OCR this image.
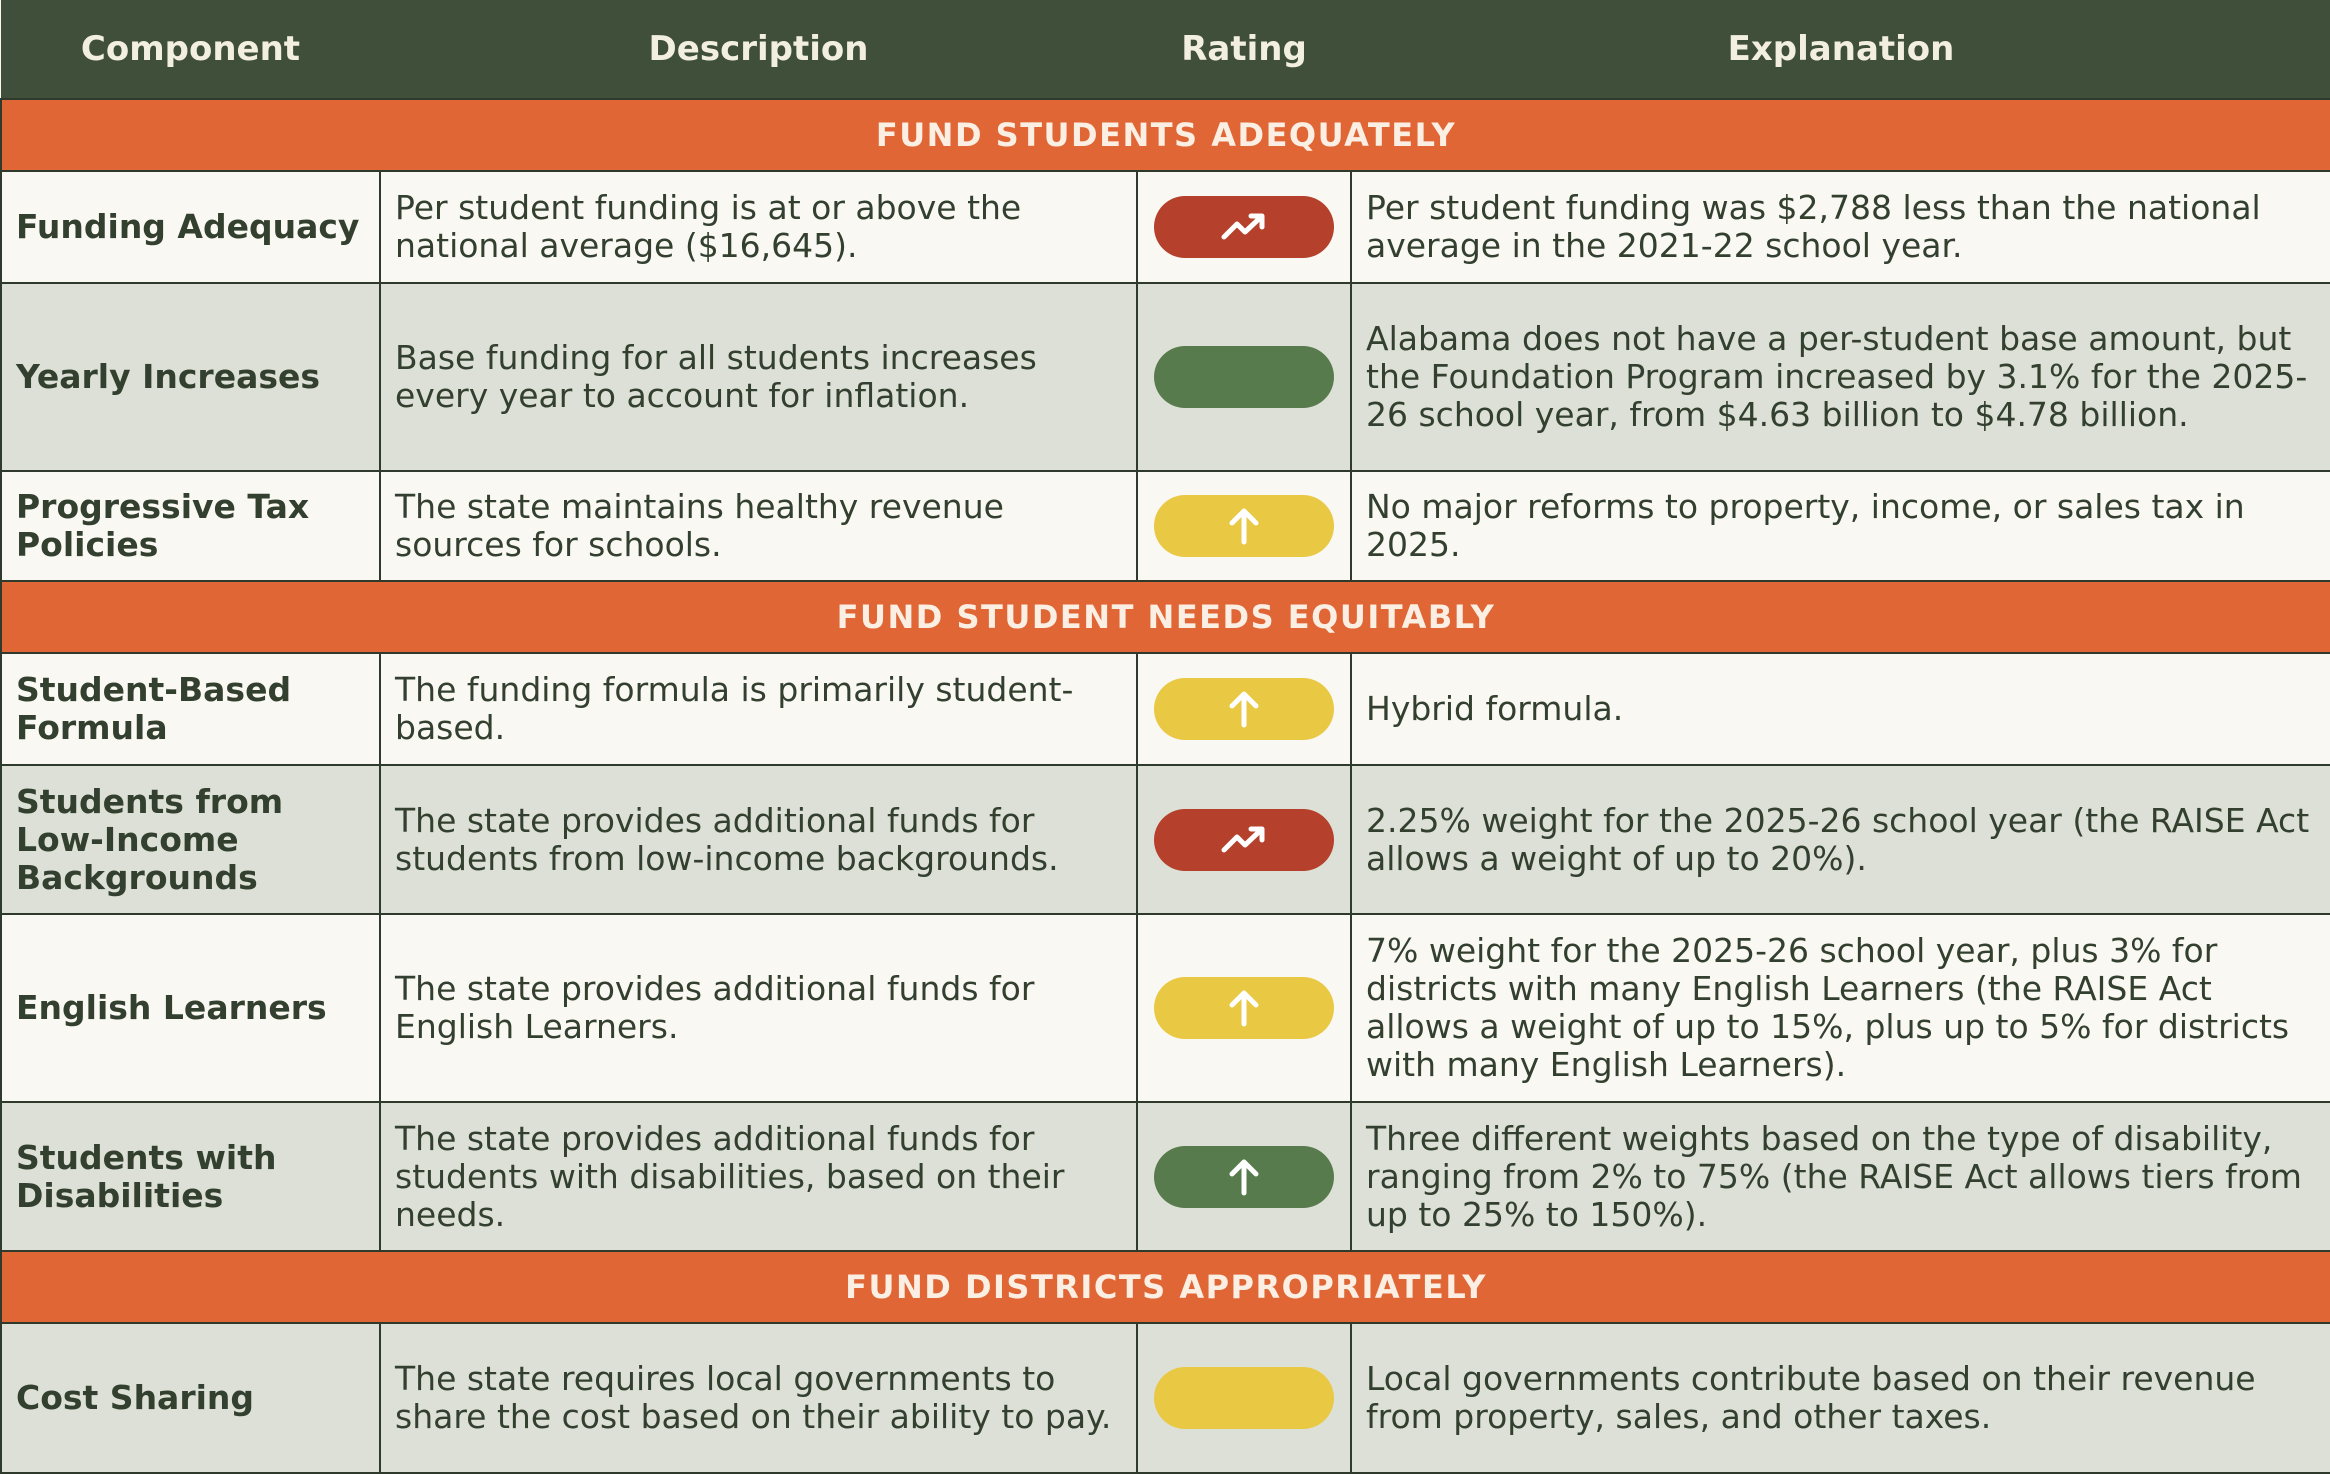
Component	Description	Rating	Explanation
FUND STUDENTS ADEQUATELY			
Funding Adequacy	Per student funding is at or above the national average ($16,645).		Per student funding was $2,788 less than the national average in the 2021-22 school year.
Yearly Increases	Base funding for all students increases every year to account for inflation.		Alabama does not have a per-student base amount, but the Foundation Program increased by 3.1% for the 2025-26 school year, from $4.63 billion to $4.78 billion.
Progressive Tax Policies	The state maintains healthy revenue sources for schools.		No major reforms to property, income, or sales tax in 2025.
FUND STUDENT NEEDS EQUITABLY			
Student-Based Formula	The funding formula is primarily student-based.		Hybrid formula.
Students from Low-Income Backgrounds	The state provides additional funds for students from low-income backgrounds.		2.25% weight for the 2025-26 school year (the RAISE Act allows a weight of up to 20%).
English Learners	The state provides additional funds for English Learners.		7% weight for the 2025-26 school year, plus 3% for districts with many English Learners (the RAISE Act allows a weight of up to 15%, plus up to 5% for districts with many English Learners).
Students with Disabilities	The state provides additional funds for students with disabilities, based on their needs.		Three different weights based on the type of disability, ranging from 2% to 75% (the RAISE Act allows tiers from up to 25% to 150%).
FUND DISTRICTS APPROPRIATELY			
Cost Sharing	The state requires local governments to share the cost based on their ability to pay.		Local governments contribute based on their revenue from property, sales, and other taxes.
